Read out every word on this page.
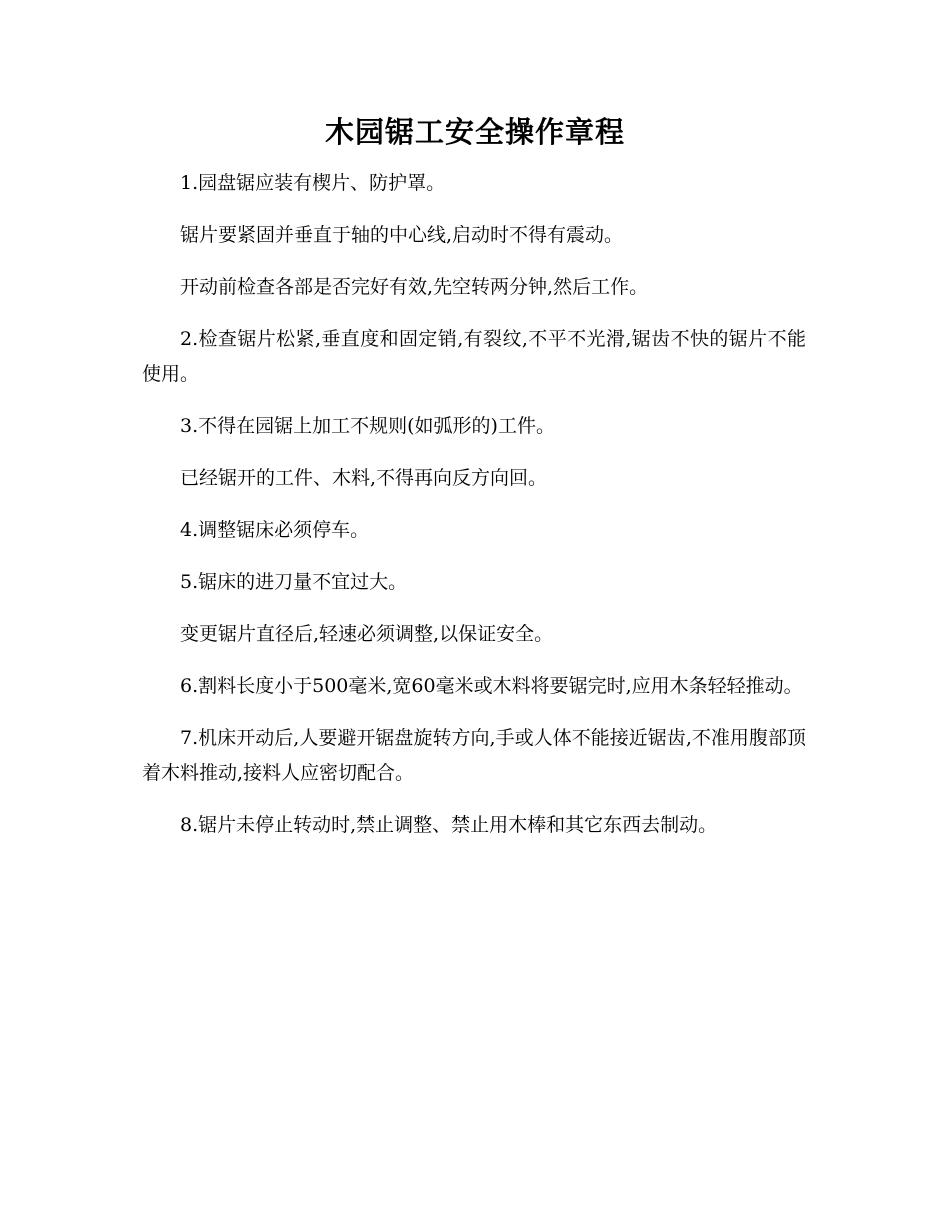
木园锯工安全操作章程

1.园盘锯应装有楔片、防护罩。

锯片要紧固并垂直于轴的中心线,启动时不得有震动。

开动前检查各部是否完好有效,先空转两分钟,然后工作。

2.检查锯片松紧,垂直度和固定销,有裂纹,不平不光滑,锯齿不快的锯片不能使用。

3.不得在园锯上加工不规则(如弧形的)工件。

已经锯开的工件、木料,不得再向反方向回。

4.调整锯床必须停车。

5.锯床的进刀量不宜过大。

变更锯片直径后,轻速必须调整,以保证安全。

6.割料长度小于500毫米,宽60毫米或木料将要锯完时,应用木条轻轻推动。

7.机床开动后,人要避开锯盘旋转方向,手或人体不能接近锯齿,不准用腹部顶着木料推动,接料人应密切配合。

8.锯片未停止转动时,禁止调整、禁止用木棒和其它东西去制动。
